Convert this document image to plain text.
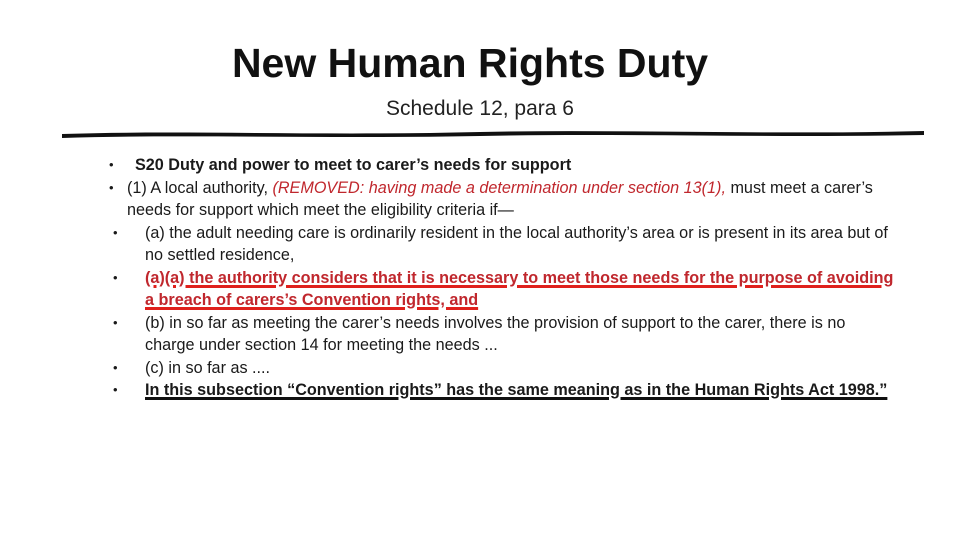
New Human Rights Duty
Schedule 12, para 6
• S20 Duty and power to meet to carer’s needs for support
• (1) A local authority, (REMOVED: having made a determination under section 13(1), must meet a carer’s needs for support which meet the eligibility criteria if—
• (a) the adult needing care is ordinarily resident in the local authority’s area or is present in its area but of no settled residence,
• (a)(a) the authority considers that it is necessary to meet those needs for the purpose of avoiding a breach of carers’s Convention rights, and
• (b) in so far as meeting the carer’s needs involves the provision of support to the carer, there is no charge under section 14 for meeting the needs ...
• (c) in so far as ....
• In this subsection “Convention rights” has the same meaning as in the Human Rights Act 1998.”
